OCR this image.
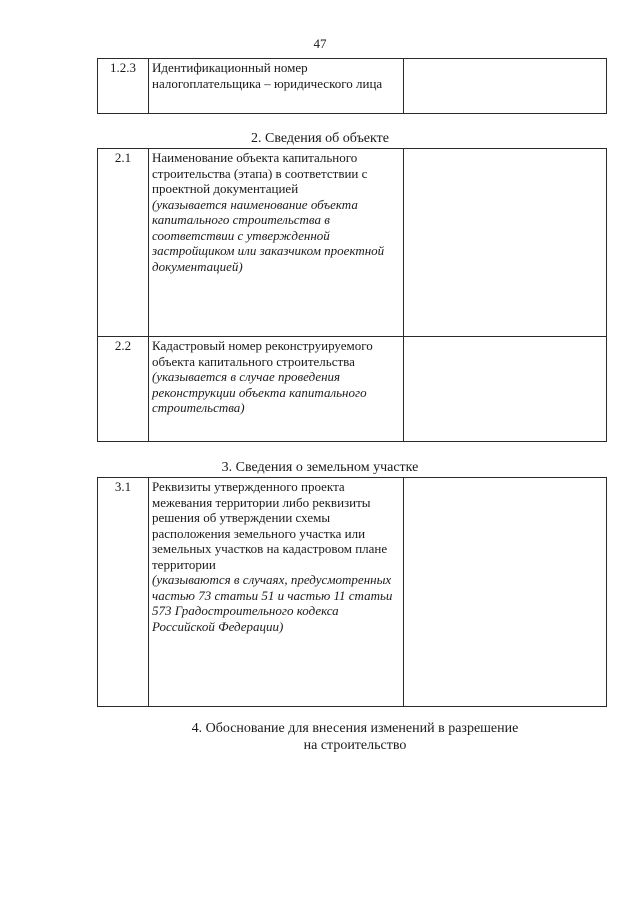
47
1.2.3	Идентификационный номер налогоплательщика – юридического лица

2. Сведения об объекте
2.1	Наименование объекта капитального строительства (этапа) в соответствии с проектной документацией
(указывается наименование объекта капитального строительства в соответствии с утвержденной застройщиком или заказчиком проектной документацией)	

2.2	Кадастровый номер реконструируемого объекта капитального строительства
(указывается в случае проведения реконструкции объекта капитального строительства)	

3. Сведения о земельном участке
3.1	Реквизиты утвержденного проекта межевания территории либо реквизиты решения об утверждении схемы расположения земельного участка или земельных участков на кадастровом плане территории
(указываются в случаях, предусмотренных частью 73 статьи 51 и частью 11 статьи 573 Градостроительного кодекса Российской Федерации)

4. Обоснование для внесения изменений в разрешение
на строительство
